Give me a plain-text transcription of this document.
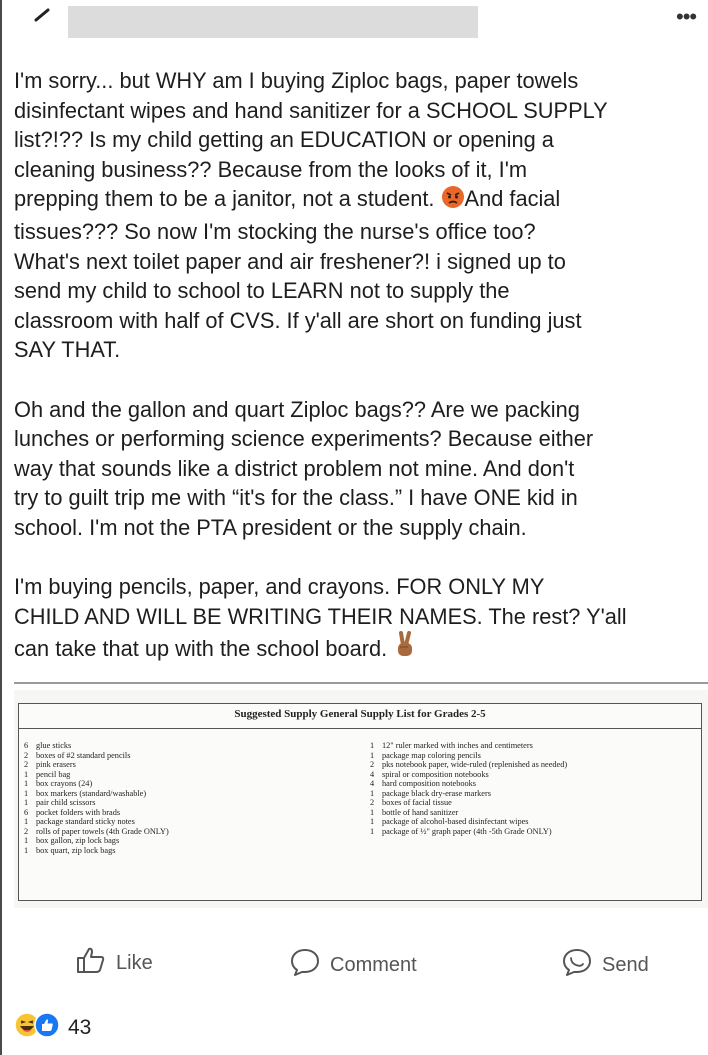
•••

I'm sorry... but WHY am I buying Ziploc bags, paper towels
disinfectant wipes and hand sanitizer for a SCHOOL SUPPLY
list?!?? Is my child getting an EDUCATION or opening a
cleaning business?? Because from the looks of it, I'm
prepping them to be a janitor, not a student. And facial
tissues??? So now I'm stocking the nurse's office too?
What's next toilet paper and air freshener?! i signed up to
send my child to school to LEARN not to supply the
classroom with half of CVS. If y'all are short on funding just
SAY THAT.

Oh and the gallon and quart Ziploc bags?? Are we packing
lunches or performing science experiments? Because either
way that sounds like a district problem not mine. And don't
try to guilt trip me with “it's for the class.” I have ONE kid in
school. I'm not the PTA president or the supply chain.

I'm buying pencils, paper, and crayons. FOR ONLY MY
CHILD AND WILL BE WRITING THEIR NAMES. The rest? Y'all
can take that up with the school board.

Suggested Supply General Supply List for Grades 2-5
6 glue sticks
2 boxes of #2 standard pencils
2 pink erasers
1 pencil bag
1 box crayons (24)
1 box markers (standard/washable)
1 pair child scissors
6 pocket folders with brads
1 package standard sticky notes
2 rolls of paper towels (4th Grade ONLY)
1 box gallon, zip lock bags
1 box quart, zip lock bags
1 12" ruler marked with inches and centimeters
1 package map coloring pencils
2 pks notebook paper, wide-ruled (replenished as needed)
4 spiral or composition notebooks
4 hard composition notebooks
1 package black dry-erase markers
2 boxes of facial tissue
1 bottle of hand sanitizer
1 package of alcohol-based disinfectant wipes
1 package of ½" graph paper (4th -5th Grade ONLY)
Like	Comment	Send
43
